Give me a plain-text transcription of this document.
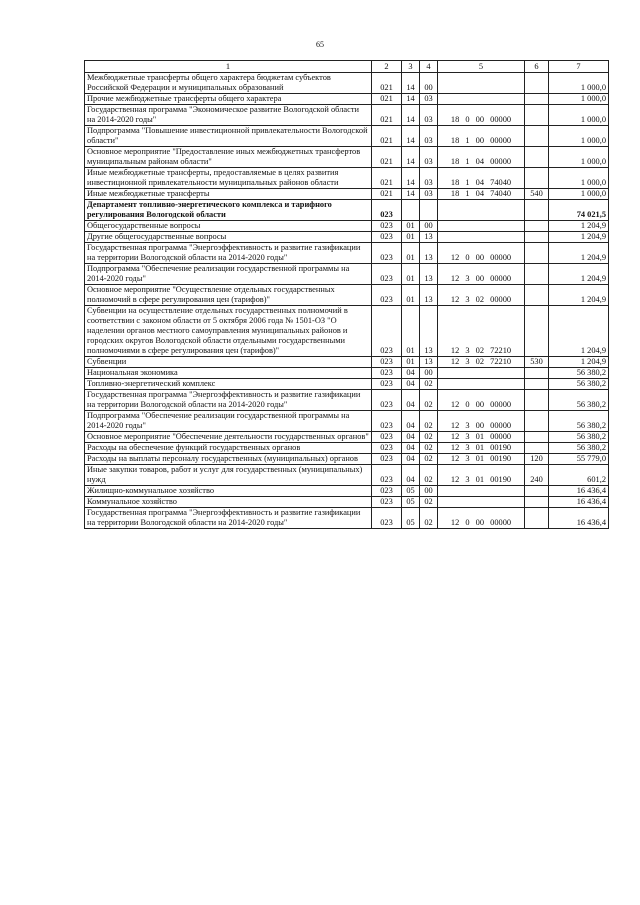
65
1	2	3	4	5	6	7
Межбюджетные трансферты общего характера бюджетам субъектов Российской Федерации и муниципальных образований	021	14	00			1 000,0
Прочие межбюджетные трансферты общего характера	021	14	03			1 000,0
Государственная программа "Экономическое развитие Вологодской области на 2014-2020 годы"	021	14	03	18 0 00 00000		1 000,0
Подпрограмма "Повышение инвестиционной привлекательности Вологодской области"	021	14	03	18 1 00 00000		1 000,0
Основное мероприятие "Предоставление иных межбюджетных трансфертов муниципальным районам области"	021	14	03	18 1 04 00000		1 000,0
Иные межбюджетные трансферты, предоставляемые в целях развития инвестиционной привлекательности муниципальных районов области	021	14	03	18 1 04 74040		1 000,0
Иные межбюджетные трансферты	021	14	03	18 1 04 74040	540	1 000,0
Департамент топливно-энергетического комплекса и тарифного регулирования Вологодской области	023					74 021,5
Общегосударственные вопросы	023	01	00			1 204,9
Другие общегосударственные вопросы	023	01	13			1 204,9
Государственная программа "Энергоэффективность и развитие газификации на территории Вологодской области на 2014-2020 годы"	023	01	13	12 0 00 00000		1 204,9
Подпрограмма "Обеспечение реализации государственной программы на 2014-2020 годы"	023	01	13	12 3 00 00000		1 204,9
Основное мероприятие "Осуществление отдельных государственных полномочий в сфере регулирования цен (тарифов)"	023	01	13	12 3 02 00000		1 204,9
Субвенции на осуществление отдельных государственных полномочий в соответствии с законом области от 5 октября 2006 года № 1501-ОЗ "О наделении органов местного самоуправления муниципальных районов и городских округов Вологодской области отдельными государственными полномочиями в сфере регулирования цен (тарифов)"	023	01	13	12 3 02 72210		1 204,9
Субвенции	023	01	13	12 3 02 72210	530	1 204,9
Национальная экономика	023	04	00			56 380,2
Топливно-энергетический комплекс	023	04	02			56 380,2
Государственная программа "Энергоэффективность и развитие газификации на территории Вологодской области на 2014-2020 годы"	023	04	02	12 0 00 00000		56 380,2
Подпрограмма "Обеспечение реализации государственной программы на 2014-2020 годы"	023	04	02	12 3 00 00000		56 380,2
Основное мероприятие "Обеспечение деятельности государственных органов"	023	04	02	12 3 01 00000		56 380,2
Расходы на обеспечение функций государственных органов	023	04	02	12 3 01 00190		56 380,2
Расходы на выплаты персоналу государственных (муниципальных) органов	023	04	02	12 3 01 00190	120	55 779,0
Иные закупки товаров, работ и услуг для государственных (муниципальных) нужд	023	04	02	12 3 01 00190	240	601,2
Жилищно-коммунальное хозяйство	023	05	00			16 436,4
Коммунальное хозяйство	023	05	02			16 436,4
Государственная программа "Энергоэффективность и развитие газификации на территории Вологодской области на 2014-2020 годы"	023	05	02	12 0 00 00000		16 436,4
